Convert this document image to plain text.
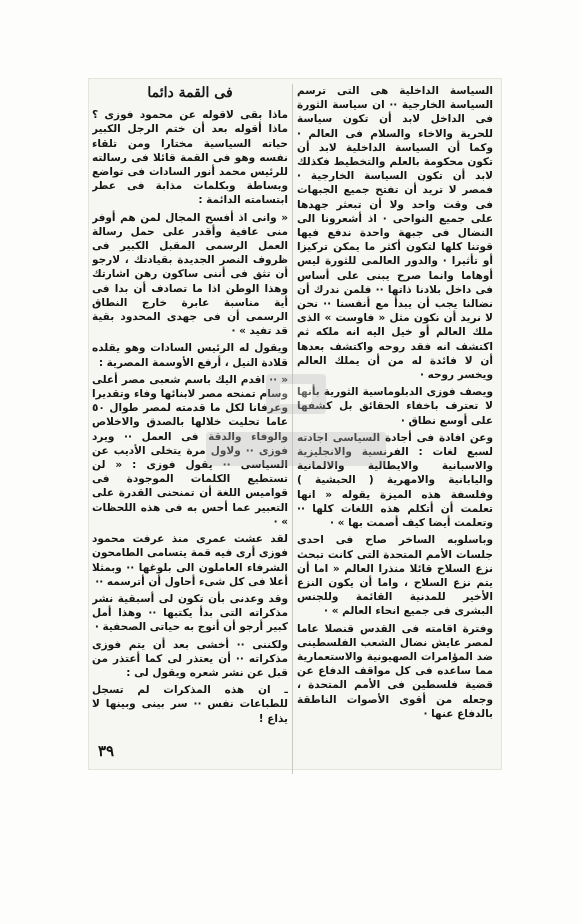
السياسة الداخلية هى التى ترسم السياسة الخارجية ·· ان سياسة الثورة فى الداخل لابد أن تكون سياسة للحرية والاخاء والسلام فى العالم · وكما أن السياسة الداخلية لابد أن تكون محكومة بالعلم والتخطيط فكذلك لابد أن تكون السياسة الخارجية · فمصر لا تريد أن تفتح جميع الجبهات فى وقت واحد ولا أن تبعثر جهدها على جميع النواحى · اذ أشعرونا الى النضال فى جبهة واحدة ندفع فيها قوتنا كلها لتكون أكثر ما يمكن تركيزا أو تأثيرا · والدور العالمى للثورة ليس أوهاما وانما صرح يبنى على أساس فى داخل بلادنا ذاتها ·· فلمن ندرك أن نضالنا يجب أن يبدأ مع أنفسنا ·· نحن لا نريد أن نكون مثل « فاوست » الذى ملك العالم أو خيل اليه انه ملكه ثم اكتشف انه فقد روحه واكتشف بعدها أن لا فائدة له من أن يملك العالم ويخسر روحه ·

ويصف فوزى الدبلوماسية الثورية بأنها لا تعترف باخفاء الحقائق بل كشفها على أوسع نطاق ·

وعن افادة فى أجادة السياسى اجادته لسبع لغات : الفرنسية والانجليزية والاسبانية والايطالية والالمانية واليابانية والامهرية ( الحبشية ) وفلسفة هذه الميزة يقوله « انها تعلمت أن أتكلم هذه اللغات كلها ·· وتعلمت أيضا كيف أصمت بها » ·

وباسلوبه الساخر صاح فى احدى جلسات الأمم المتحدة التى كانت تبحث نزع السلاح قائلا منذرا العالم « اما أن يتم نزع السلاح ، واما أن يكون النزع الأخير للمدنية القائمة وللجنس البشرى فى جميع انحاء العالم » ·

وفترة اقامته فى القدس قنصلا عاما لمصر عايش نضال الشعب الفلسطينى ضد المؤامرات الصهيونية والاستعمارية مما ساعده فى كل مواقف الدفاع عن قضية فلسطين فى الأمم المتحدة ، وجعله من أقوى الأصوات الناطقة بالدفاع عنها ·

فى القمة دائما

ماذا بقى لاقوله عن محمود فوزى ؟ ماذا أقوله بعد أن ختم الرجل الكبير حياته السياسية مختارا ومن تلقاء نفسه وهو فى القمة قائلا فى رسالته للرئيس محمد أنور السادات فى تواضع وبساطة وبكلمات مذابة فى عطر ابتسامته الدائمة :

« وانى اذ أفسح المجال لمن هم أوفر منى عافية وأقدر على حمل رسالة العمل الرسمى المقبل الكبير فى ظروف النصر الجديدة بقيادتك ، لارجو أن تثق فى أننى ساكون رهن اشارتك وهذا الوطن اذا ما تصادف أن بدا فى أية مناسبة عابرة خارج النطاق الرسمى أن فى جهدى المحدود بقية قد تفيد » ·

ويقول له الرئيس السادات وهو يقلده قلادة النيل ، أرفع الأوسمة المصرية :

« ·· اقدم اليك باسم شعبى مصر أعلى وسام تمنحه مصر لابنائها وفاء وتقديرا وعرفانا لكل ما قدمته لمصر طوال ٥٠ عاما تحليت خلالها بالصدق والاخلاص والوفاء والدقة فى العمل ·· ويرد فوزى ·· ولاول مرة يتخلى الأديب عن السياسى ·· يقول فوزى : « لن تستطيع الكلمات الموجودة فى قواميس اللغة أن تمنحنى القدرة على التعبير عما أحس به فى هذه اللحظات » ·

لقد عشت عمرى منذ عرفت محمود فوزى أرى فيه قمة يتسامى الطامحون الشرفاء العاملون الى بلوغها ·· وبمثلا أعلا فى كل شىء أحاول أن أترسمه ··

وقد وعدنى بأن تكون لى أسبقية نشر مذكراته التى بدأ يكتبها ·· وهذا أمل كبير أرجو أن أتوج به حياتى الصحفية ·

ولكننى ·· أخشى بعد أن يتم فوزى مذكراته ·· أن يعتذر لى كما أعتذر من قبل عن نشر شعره ويقول لى :

ـ ان هذه المذكرات لم تسجل للطباعات نفس ·· سر بينى وبينها لا يذاع !

٣٩
